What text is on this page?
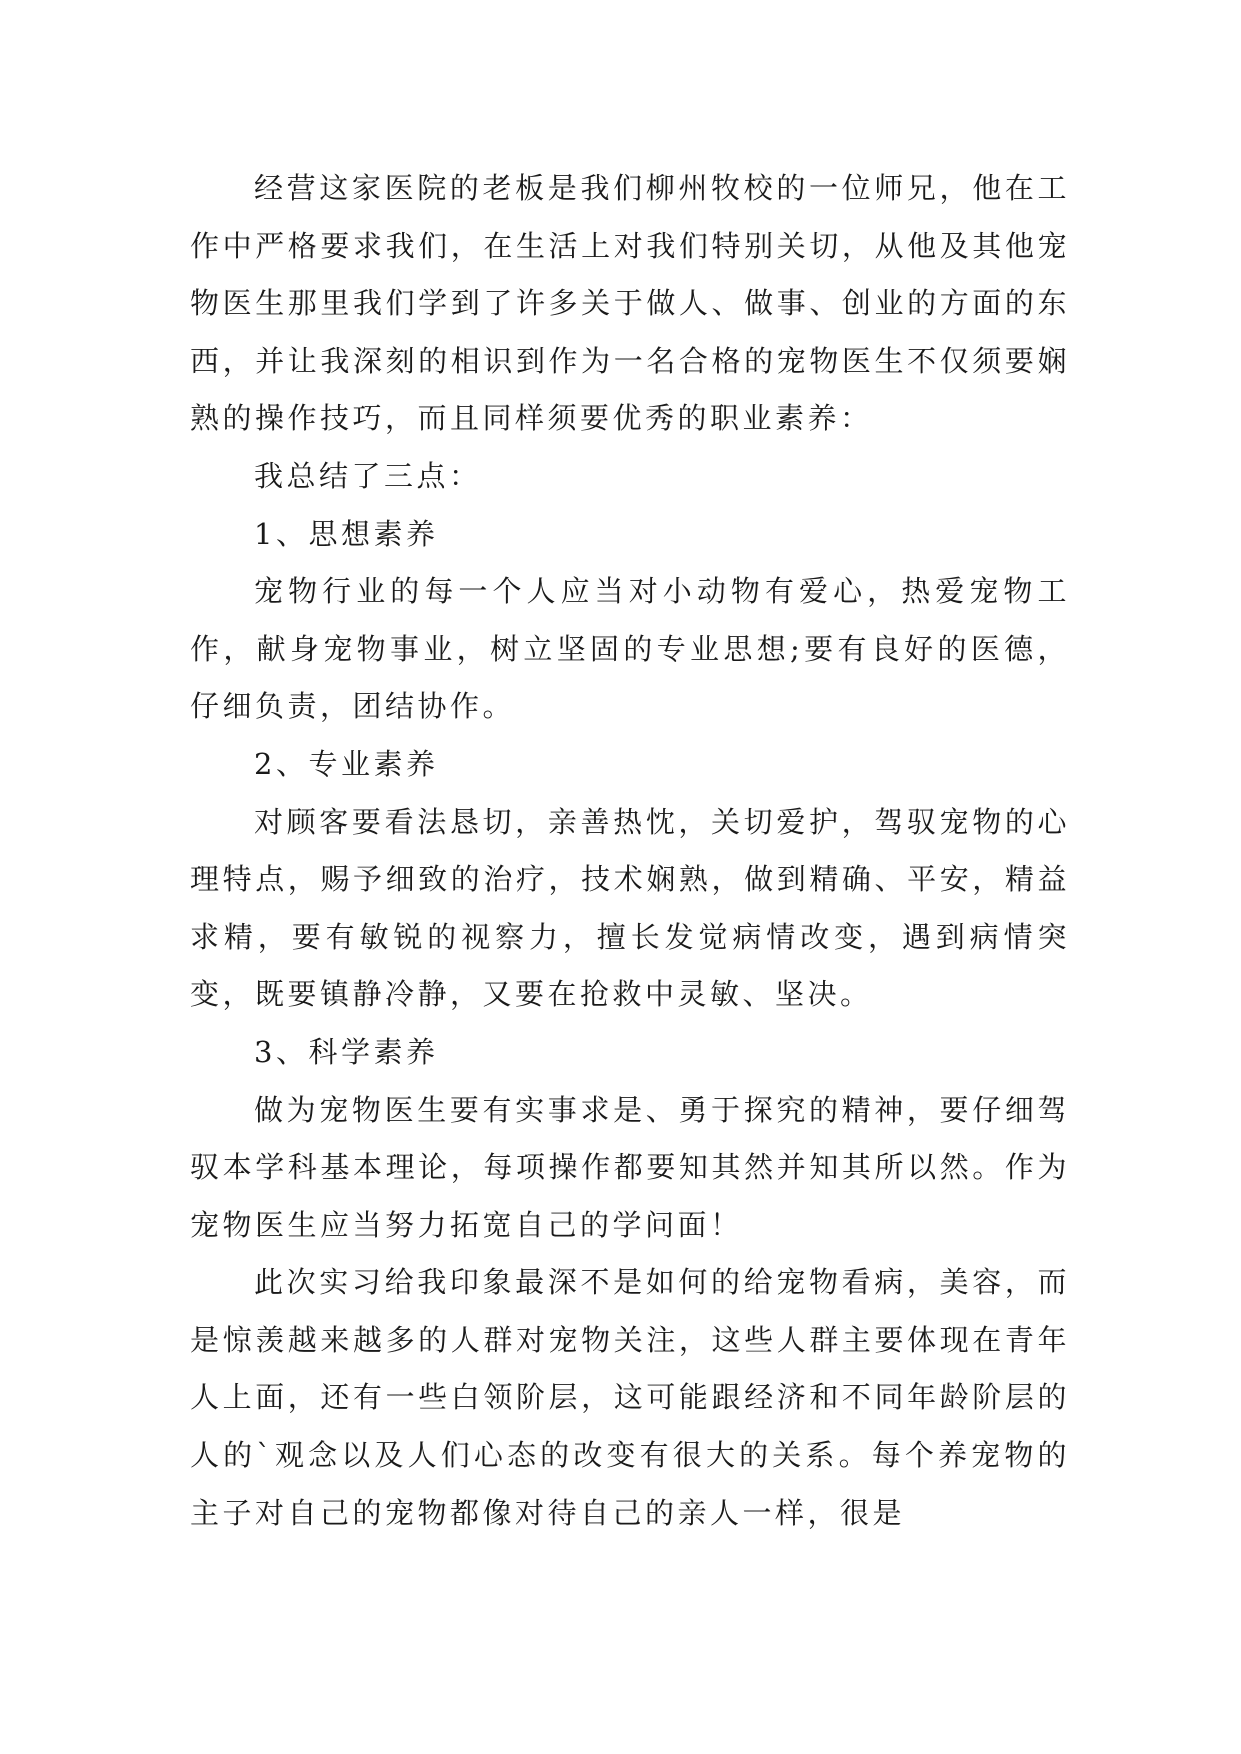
经营这家医院的老板是我们柳州牧校的一位师兄，他在工作中严格要求我们，在生活上对我们特别关切，从他及其他宠物医生那里我们学到了许多关于做人、做事、创业的方面的东西，并让我深刻的相识到作为一名合格的宠物医生不仅须要娴熟的操作技巧，而且同样须要优秀的职业素养：

我总结了三点：

1、思想素养

宠物行业的每一个人应当对小动物有爱心，热爱宠物工作，献身宠物事业，树立坚固的专业思想;要有良好的医德，仔细负责，团结协作。

2、专业素养

对顾客要看法恳切，亲善热忱，关切爱护，驾驭宠物的心理特点，赐予细致的治疗，技术娴熟，做到精确、平安，精益求精，要有敏锐的视察力，擅长发觉病情改变，遇到病情突变，既要镇静冷静，又要在抢救中灵敏、坚决。

3、科学素养

做为宠物医生要有实事求是、勇于探究的精神，要仔细驾驭本学科基本理论，每项操作都要知其然并知其所以然。作为宠物医生应当努力拓宽自己的学问面！

此次实习给我印象最深不是如何的给宠物看病，美容，而是惊羡越来越多的人群对宠物关注，这些人群主要体现在青年人上面，还有一些白领阶层，这可能跟经济和不同年龄阶层的人的`观念以及人们心态的改变有很大的关系。每个养宠物的主子对自己的宠物都像对待自己的亲人一样，很是
